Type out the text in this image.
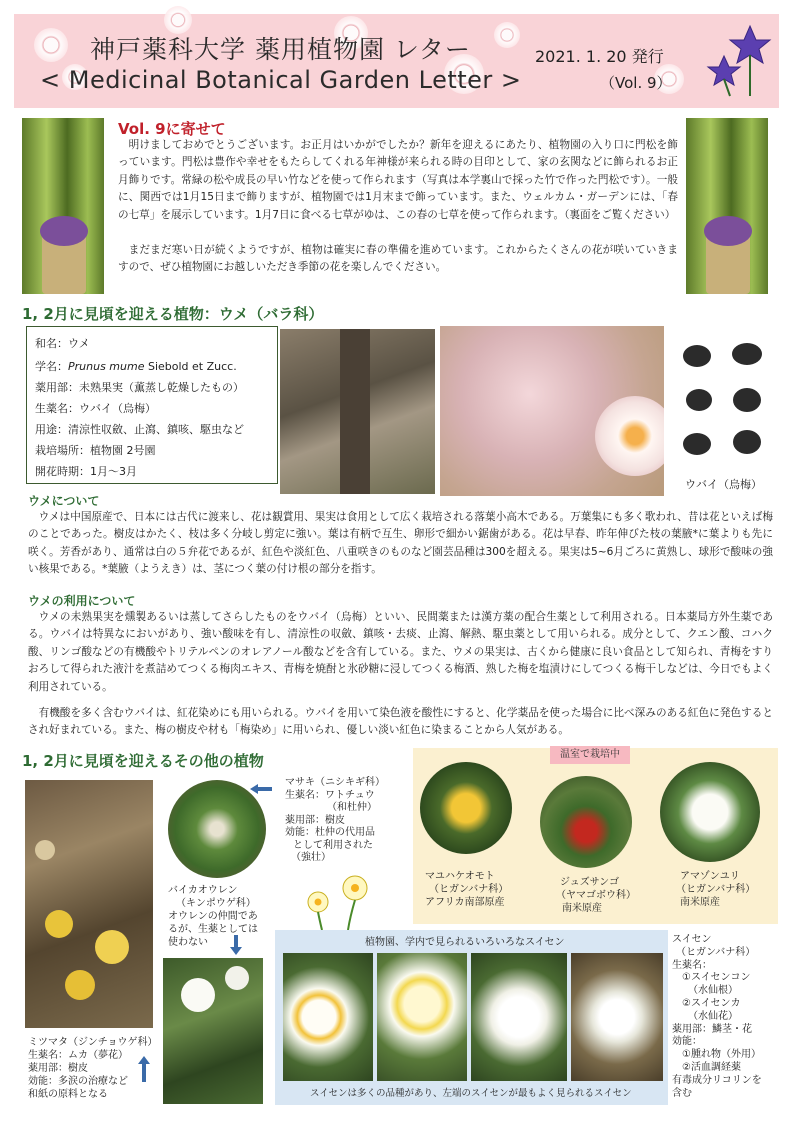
神戸薬科大学 薬用植物園 レター
< Medicinal Botanical Garden Letter >
2021. 1. 20 発行
（Vol. 9）
Vol. 9に寄せて
明けましておめでとうございます。お正月はいかがでしたか？新年を迎えるにあたり、植物園の入り口に門松を飾っています。門松は豊作や幸せをもたらしてくれる年神様が来られる時の目印として、家の玄関などに飾られるお正月飾りです。常緑の松や成長の早い竹などを使って作られます（写真は本学裏山で採った竹で作った門松です）。一般に、関西では1月15日まで飾りますが、植物園では1月末まで飾っています。また、ウェルカム・ガーデンには、「春の七草」を展示しています。1月7日に食べる七草がゆは、この春の七草を使って作られます。（裏面をご覧ください）
まだまだ寒い日が続くようですが、植物は確実に春の準備を進めています。これからたくさんの花が咲いていきますので、ぜひ植物園にお越しいただき季節の花を楽しんでください。
1, 2月に見頃を迎える植物：ウメ（バラ科）
和名：ウメ
学名：Prunus mume Siebold et Zucc.
薬用部：未熟果実（薫蒸し乾燥したもの）
生薬名：ウバイ（烏梅）
用途：清涼性収斂、止瀉、鎮咳、駆虫など
栽培場所：植物園 2号園
開花時期：1月～3月
ウバイ（烏梅）
ウメについて
ウメは中国原産で、日本には古代に渡来し、花は観賞用、果実は食用として広く栽培される落葉小高木である。万葉集にも多く歌われ、昔は花といえば梅のことであった。樹皮はかたく、枝は多く分岐し剪定に強い。葉は有柄で互生、卵形で細かい鋸歯がある。花は早春、昨年伸びた枝の葉腋*に葉よりも先に咲く。芳香があり、通常は白の５弁花であるが、紅色や淡紅色、八重咲きのものなど園芸品種は300を超える。果実は5~6月ごろに黄熟し、球形で酸味の強い核果である。*葉腋（ようえき）は、茎につく葉の付け根の部分を指す。
ウメの利用について
ウメの未熟果実を燻製あるいは蒸してさらしたものをウバイ（烏梅）といい、民間薬または漢方薬の配合生薬として利用される。日本薬局方外生薬である。ウバイは特異なにおいがあり、強い酸味を有し、清涼性の収斂、鎮咳・去痰、止瀉、解熱、駆虫薬として用いられる。成分として、クエン酸、コハク酸、リンゴ酸などの有機酸やトリテルペンのオレアノール酸などを含有している。また、ウメの果実は、古くから健康に良い食品として知られ、青梅をすりおろして得られた液汁を煮詰めてつくる梅肉エキス、青梅を焼酎と氷砂糖に浸してつくる梅酒、熟した梅を塩漬けにしてつくる梅干しなどは、今日でもよく利用されている。
有機酸を多く含むウバイは、紅花染めにも用いられる。ウバイを用いて染色液を酸性にすると、化学薬品を使った場合に比べ深みのある紅色に発色するとされ好まれている。また、梅の樹皮や材も「梅染め」に用いられ、優しい淡い紅色に染まることから人気がある。
1, 2月に見頃を迎えるその他の植物
ミツマタ（ジンチョウゲ科）
生薬名：ムカ（夢花）
薬用部：樹皮
効能：多涙の治療など
和紙の原料となる
マサキ（ニシキギ科）
生薬名：ワトチュウ
（和杜仲）
薬用部：樹皮
効能：杜仲の代用品
として利用された
（強壮）
バイカオウレン
（キンポウゲ科）
オウレンの仲間であ
るが、生薬としては
使わない
温室で栽培中
マユハケオモト
（ヒガンバナ科）
アフリカ南部原産
ジュズサンゴ
（ヤマゴボウ科）
南米原産
アマゾンユリ
（ヒガンバナ科）
南米原産
植物園、学内で見られるいろいろなスイセン
スイセンは多くの品種があり、左端のスイセンが最もよく見られるスイセン
スイセン
（ヒガンバナ科）
生薬名：
①スイセンコン
（水仙根）
②スイセンカ
（水仙花）
薬用部：鱗茎・花
効能：
①腫れ物（外用）
②活血調経薬
有毒成分リコリンを
含む
